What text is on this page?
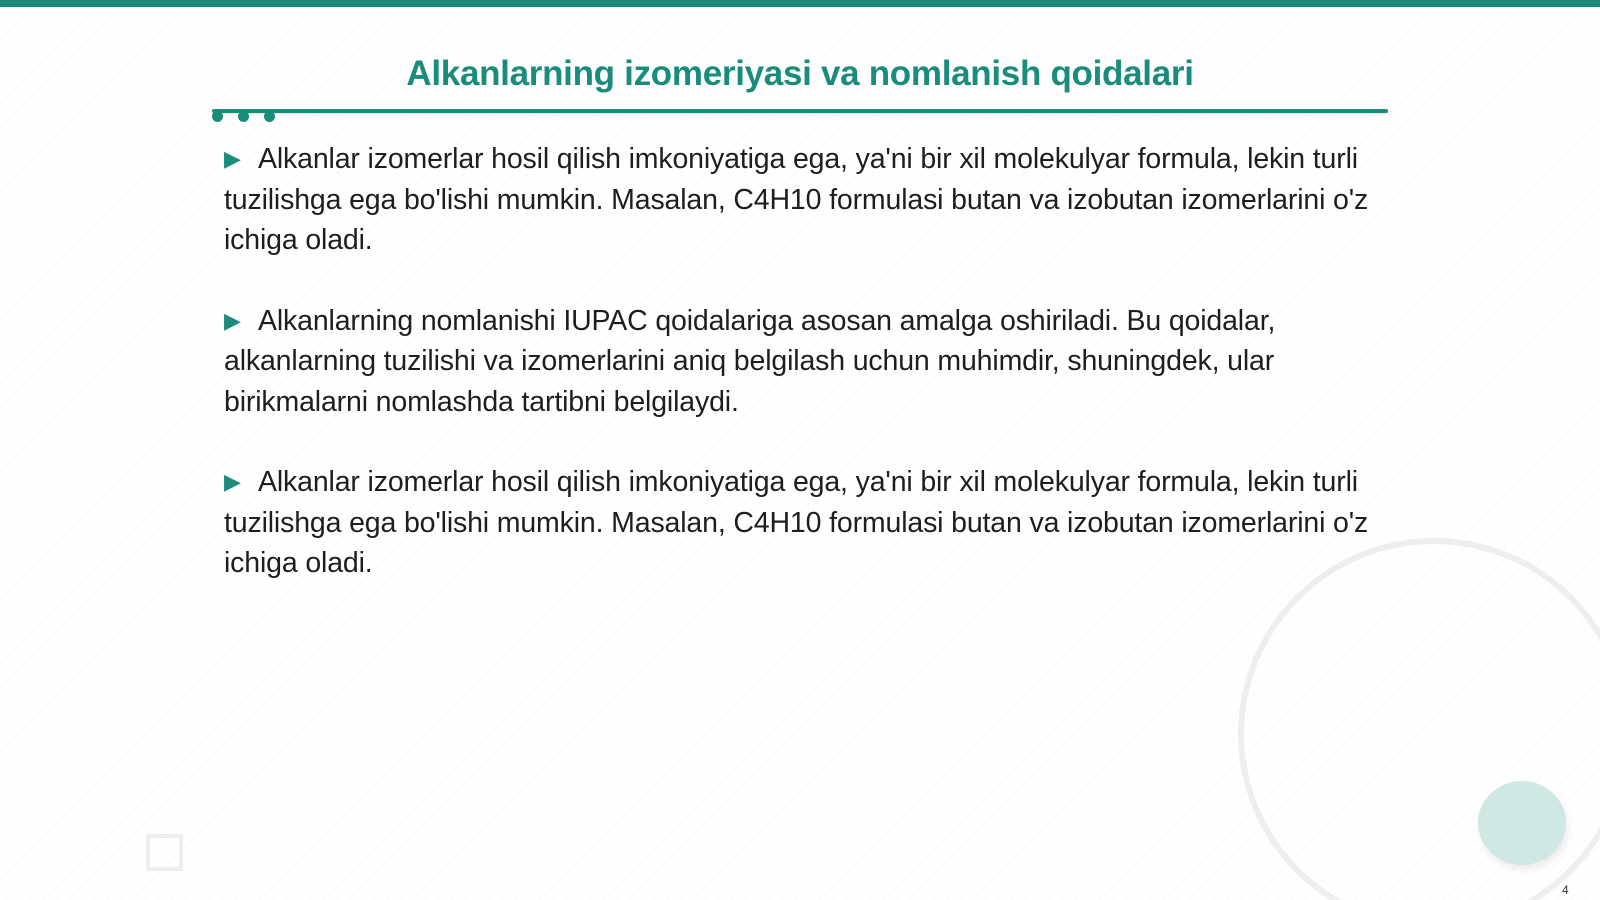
Alkanlarning izomeriyasi va nomlanish qoidalari
▶ Alkanlar izomerlar hosil qilish imkoniyatiga ega, ya'ni bir xil molekulyar formula, lekin turli tuzilishga ega bo'lishi mumkin. Masalan, C4H10 formulasi butan va izobutan izomerlarini o'z ichiga oladi.
▶ Alkanlarning nomlanishi IUPAC qoidalariga asosan amalga oshiriladi. Bu qoidalar, alkanlarning tuzilishi va izomerlarini aniq belgilash uchun muhimdir, shuningdek, ular birikmalarni nomlashda tartibni belgilaydi.
▶ Alkanlar izomerlar hosil qilish imkoniyatiga ega, ya'ni bir xil molekulyar formula, lekin turli tuzilishga ega bo'lishi mumkin. Masalan, C4H10 formulasi butan va izobutan izomerlarini o'z ichiga oladi.
4
